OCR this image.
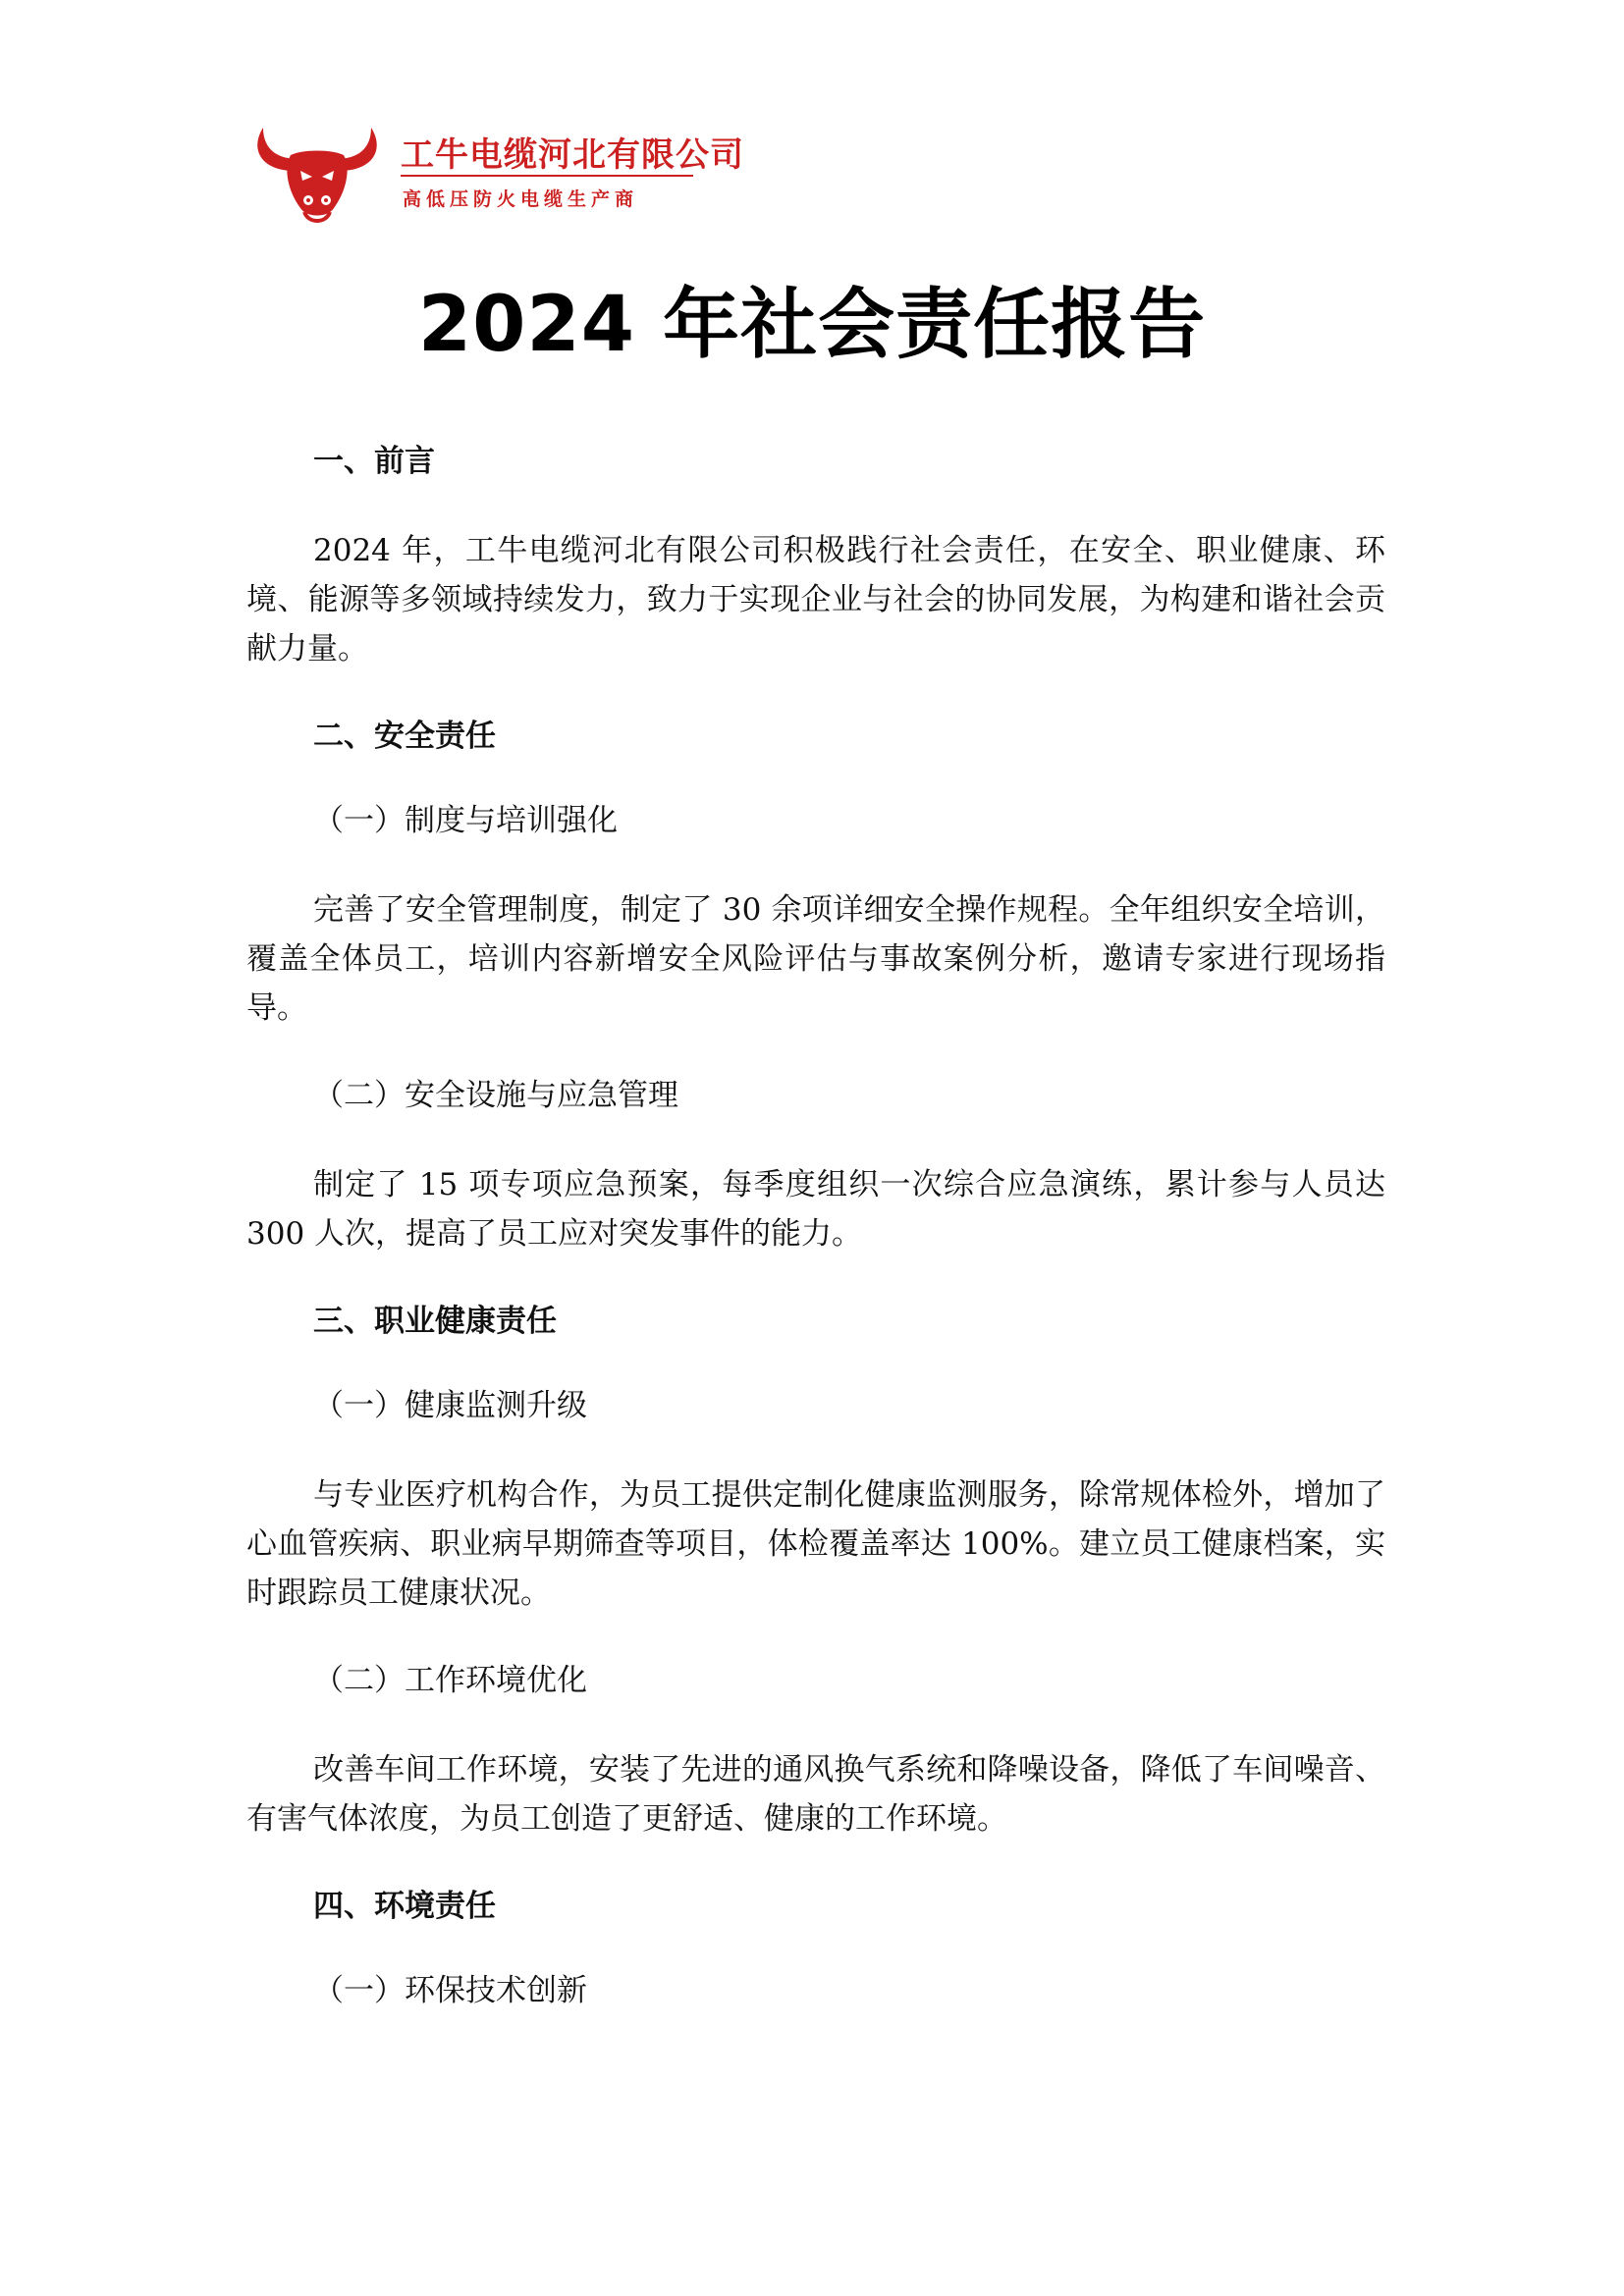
工牛电缆河北有限公司
高低压防火电缆生产商
2024 年社会责任报告
一、前言
2024 年，工牛电缆河北有限公司积极践行社会责任，在安全、职业健康、环境、能源等多领域持续发力，致力于实现企业与社会的协同发展，为构建和谐社会贡献力量。
二、安全责任
（一）制度与培训强化
完善了安全管理制度，制定了 30 余项详细安全操作规程。全年组织安全培训，覆盖全体员工，培训内容新增安全风险评估与事故案例分析，邀请专家进行现场指导。
（二）安全设施与应急管理
制定了 15 项专项应急预案，每季度组织一次综合应急演练，累计参与人员达 300 人次，提高了员工应对突发事件的能力。
三、职业健康责任
（一）健康监测升级
与专业医疗机构合作，为员工提供定制化健康监测服务，除常规体检外，增加了心血管疾病、职业病早期筛查等项目，体检覆盖率达 100%。建立员工健康档案，实时跟踪员工健康状况。
（二）工作环境优化
改善车间工作环境，安装了先进的通风换气系统和降噪设备，降低了车间噪音、有害气体浓度，为员工创造了更舒适、健康的工作环境。
四、环境责任
（一）环保技术创新
